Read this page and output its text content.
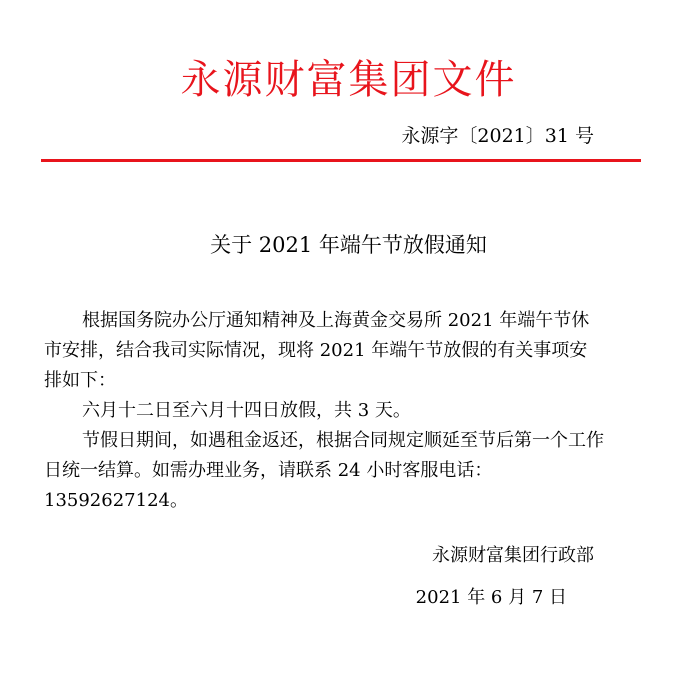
永源财富集团文件
永源字〔2021〕31 号
关于 2021 年端午节放假通知

根据国务院办公厅通知精神及上海黄金交易所 2021 年端午节休市安排，结合我司实际情况，现将 2021 年端午节放假的有关事项安排如下：

六月十二日至六月十四日放假，共 3 天。

节假日期间，如遇租金返还，根据合同规定顺延至节后第一个工作日统一结算。如需办理业务，请联系 24 小时客服电话：13592627124。

永源财富集团行政部
2021 年 6 月 7 日
